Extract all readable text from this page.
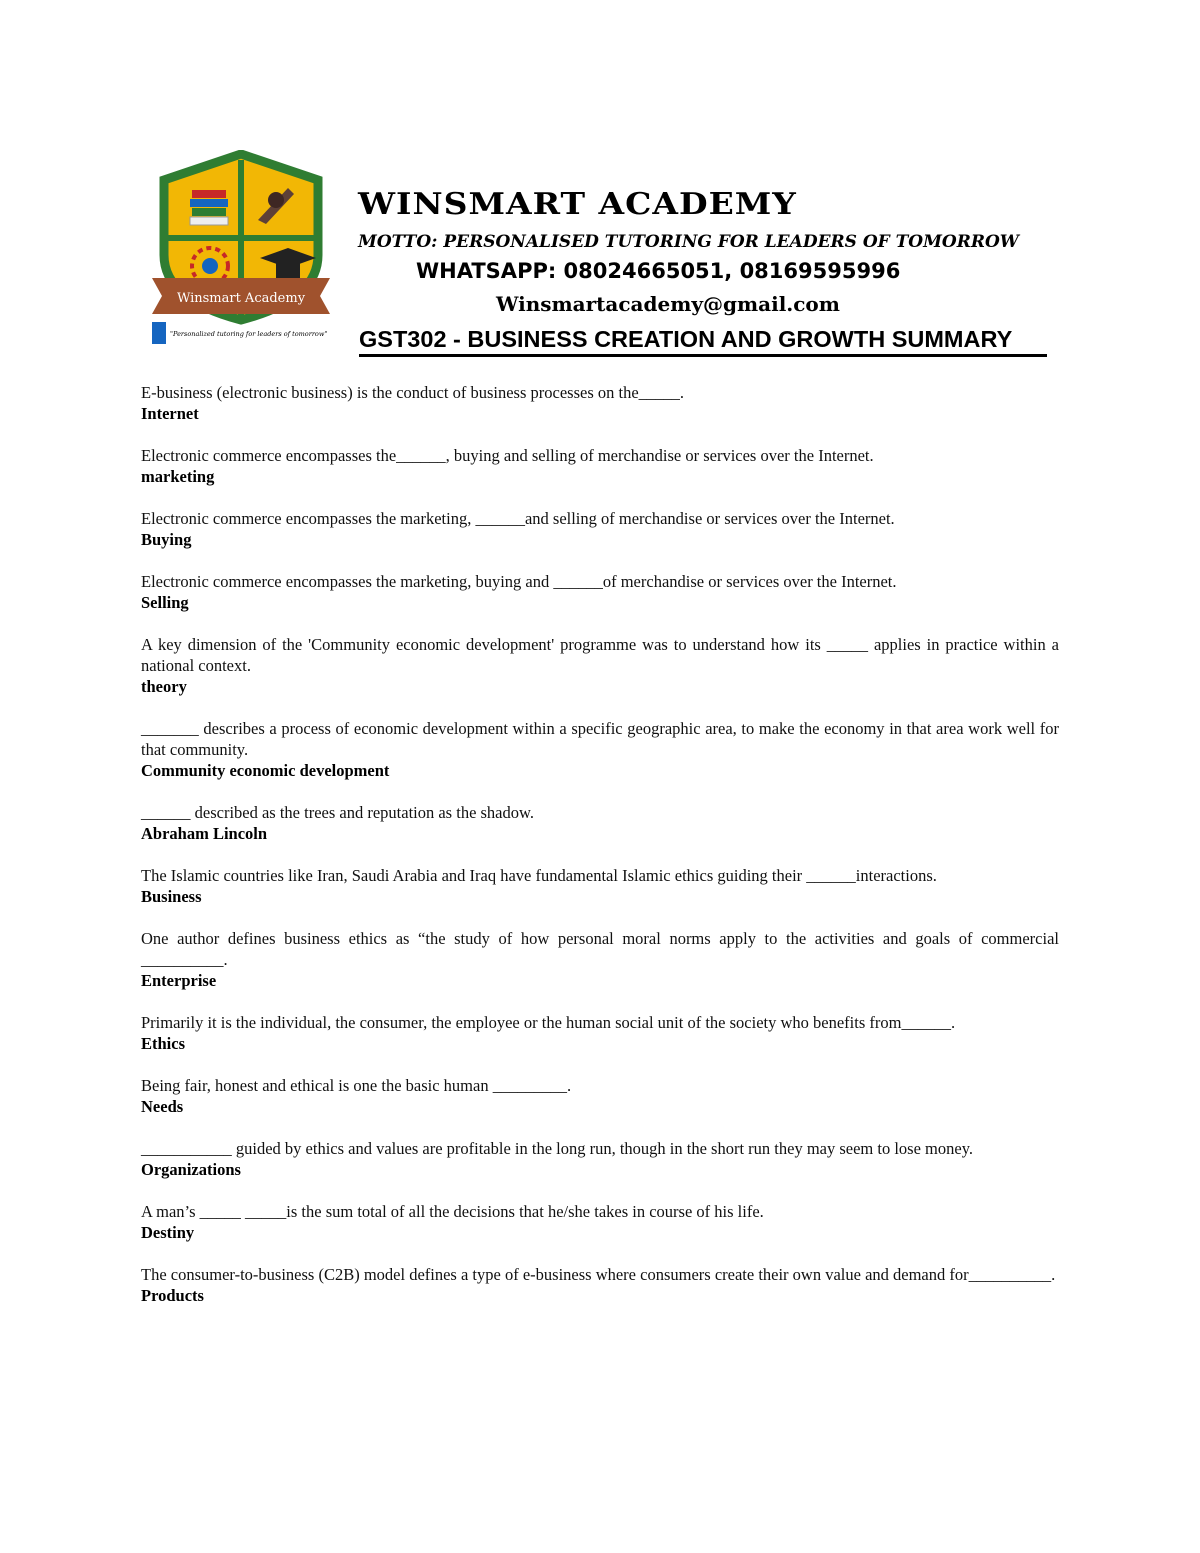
Winsmart Academy
"Personalized tutoring for leaders of tomorrow"
WINSMART ACADEMY
MOTTO: PERSONALISED TUTORING FOR LEADERS OF TOMORROW
WHATSAPP: 08024665051, 08169595996
Winsmartacademy@gmail.com
GST302 - BUSINESS CREATION AND GROWTH SUMMARY
E-business (electronic business) is the conduct of business processes on the_____.
Internet
Electronic commerce encompasses the______, buying and selling of merchandise or services over the Internet.
marketing
Electronic commerce encompasses the marketing, ______and selling of merchandise or services over the Internet.
Buying
Electronic commerce encompasses the marketing, buying and ______of merchandise or services over the Internet.
Selling
A key dimension of the 'Community economic development' programme was to understand how its _____ applies in practice within a national context.
theory
_______ describes a process of economic development within a specific geographic area, to make the economy in that area work well for that community.
Community economic development
______ described as the trees and reputation as the shadow.
Abraham Lincoln
The Islamic countries like Iran, Saudi Arabia and Iraq have fundamental Islamic ethics guiding their ______interactions.
Business
One author defines business ethics as “the study of how personal moral norms apply to the activities and goals of commercial __________.
Enterprise
Primarily it is the individual, the consumer, the employee or the human social unit of the society who benefits from______.
Ethics
Being fair, honest and ethical is one the basic human _________.
Needs
___________ guided by ethics and values are profitable in the long run, though in the short run they may seem to lose money.
Organizations
A man’s _____ _____is the sum total of all the decisions that he/she takes in course of his life.
Destiny
The consumer-to-business (C2B) model defines a type of e-business where consumers create their own value and demand for__________.
Products
